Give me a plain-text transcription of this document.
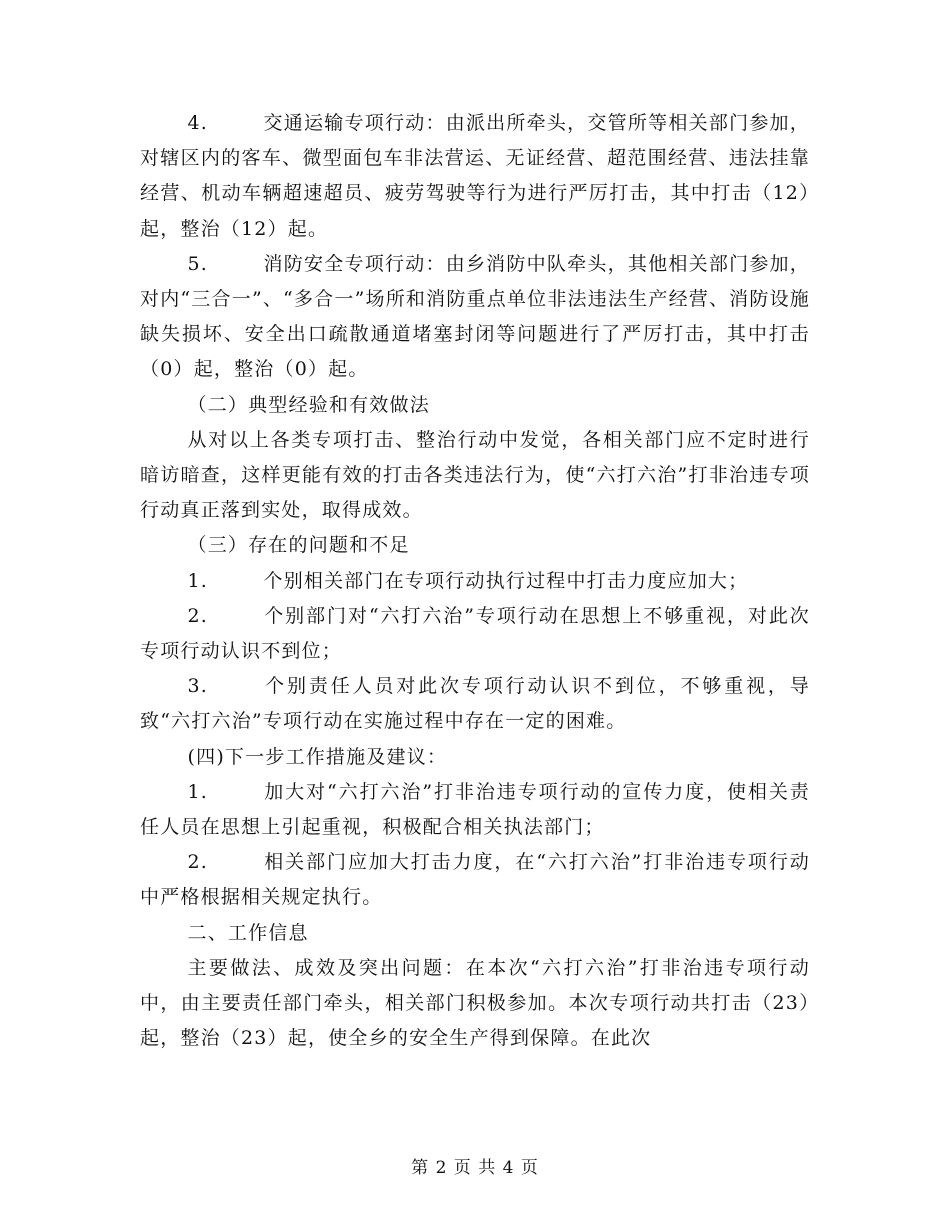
4.	交通运输专项行动：由派出所牵头，交管所等相关部门参加，对辖区内的客车、微型面包车非法营运、无证经营、超范围经营、违法挂靠经营、机动车辆超速超员、疲劳驾驶等行为进行严厉打击，其中打击（12）起，整治（12）起。

5.	消防安全专项行动：由乡消防中队牵头，其他相关部门参加，对内“三合一”、“多合一”场所和消防重点单位非法违法生产经营、消防设施缺失损坏、安全出口疏散通道堵塞封闭等问题进行了严厉打击，其中打击（0）起，整治（0）起。

（二）典型经验和有效做法

从对以上各类专项打击、整治行动中发觉，各相关部门应不定时进行暗访暗查，这样更能有效的打击各类违法行为，使“六打六治”打非治违专项行动真正落到实处，取得成效。

（三）存在的问题和不足

1.	个别相关部门在专项行动执行过程中打击力度应加大；

2.	个别部门对“六打六治”专项行动在思想上不够重视，对此次专项行动认识不到位；

3.	个别责任人员对此次专项行动认识不到位，不够重视，导致“六打六治”专项行动在实施过程中存在一定的困难。

(四)下一步工作措施及建议：

1.	加大对“六打六治”打非治违专项行动的宣传力度，使相关责任人员在思想上引起重视，积极配合相关执法部门；

2.	相关部门应加大打击力度，在“六打六治”打非治违专项行动中严格根据相关规定执行。

二、工作信息

主要做法、成效及突出问题：在本次“六打六治”打非治违专项行动中，由主要责任部门牵头，相关部门积极参加。本次专项行动共打击（23）起，整治（23）起，使全乡的安全生产得到保障。在此次

第 2 页 共 4 页
